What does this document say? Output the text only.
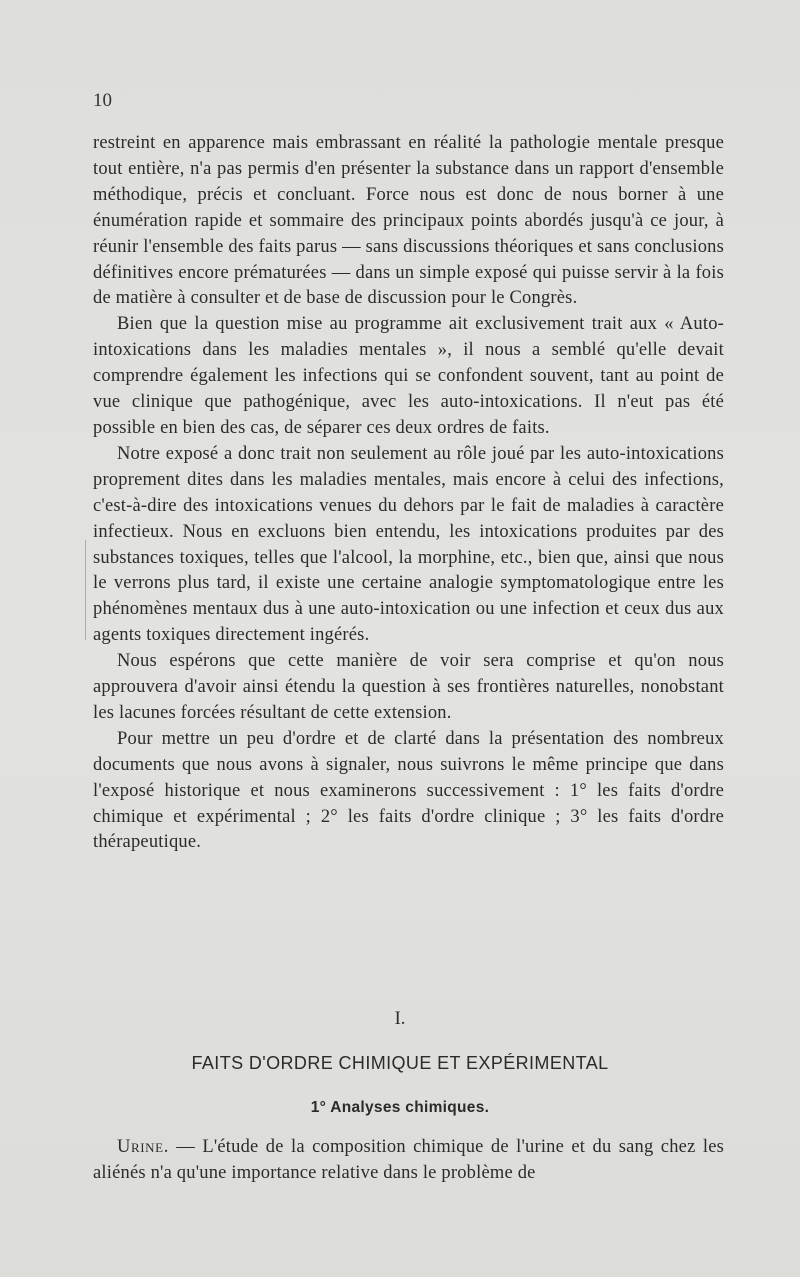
10

restreint en apparence mais embrassant en réalité la pathologie mentale presque tout entière, n'a pas permis d'en présenter la substance dans un rapport d'ensemble méthodique, précis et concluant. Force nous est donc de nous borner à une énumération rapide et sommaire des principaux points abordés jusqu'à ce jour, à réunir l'ensemble des faits parus — sans discussions théoriques et sans conclusions définitives encore prématurées — dans un simple exposé qui puisse servir à la fois de matière à consulter et de base de discussion pour le Congrès.

Bien que la question mise au programme ait exclusivement trait aux « Auto-intoxications dans les maladies mentales », il nous a semblé qu'elle devait comprendre également les infections qui se confondent souvent, tant au point de vue clinique que pathogénique, avec les auto-intoxications. Il n'eut pas été possible en bien des cas, de séparer ces deux ordres de faits.

Notre exposé a donc trait non seulement au rôle joué par les auto-intoxications proprement dites dans les maladies mentales, mais encore à celui des infections, c'est-à-dire des intoxications venues du dehors par le fait de maladies à caractère infectieux. Nous en excluons bien entendu, les intoxications produites par des substances toxiques, telles que l'alcool, la morphine, etc., bien que, ainsi que nous le verrons plus tard, il existe une certaine analogie symptomatologique entre les phénomènes mentaux dus à une auto-intoxication ou une infection et ceux dus aux agents toxiques directement ingérés.

Nous espérons que cette manière de voir sera comprise et qu'on nous approuvera d'avoir ainsi étendu la question à ses frontières naturelles, nonobstant les lacunes forcées résultant de cette extension.

Pour mettre un peu d'ordre et de clarté dans la présentation des nombreux documents que nous avons à signaler, nous suivrons le même principe que dans l'exposé historique et nous examinerons successivement : 1° les faits d'ordre chimique et expérimental ; 2° les faits d'ordre clinique ; 3° les faits d'ordre thérapeutique.

I.
FAITS D'ORDRE CHIMIQUE ET EXPÉRIMENTAL
1° Analyses chimiques.

Urine. — L'étude de la composition chimique de l'urine et du sang chez les aliénés n'a qu'une importance relative dans le problème de
